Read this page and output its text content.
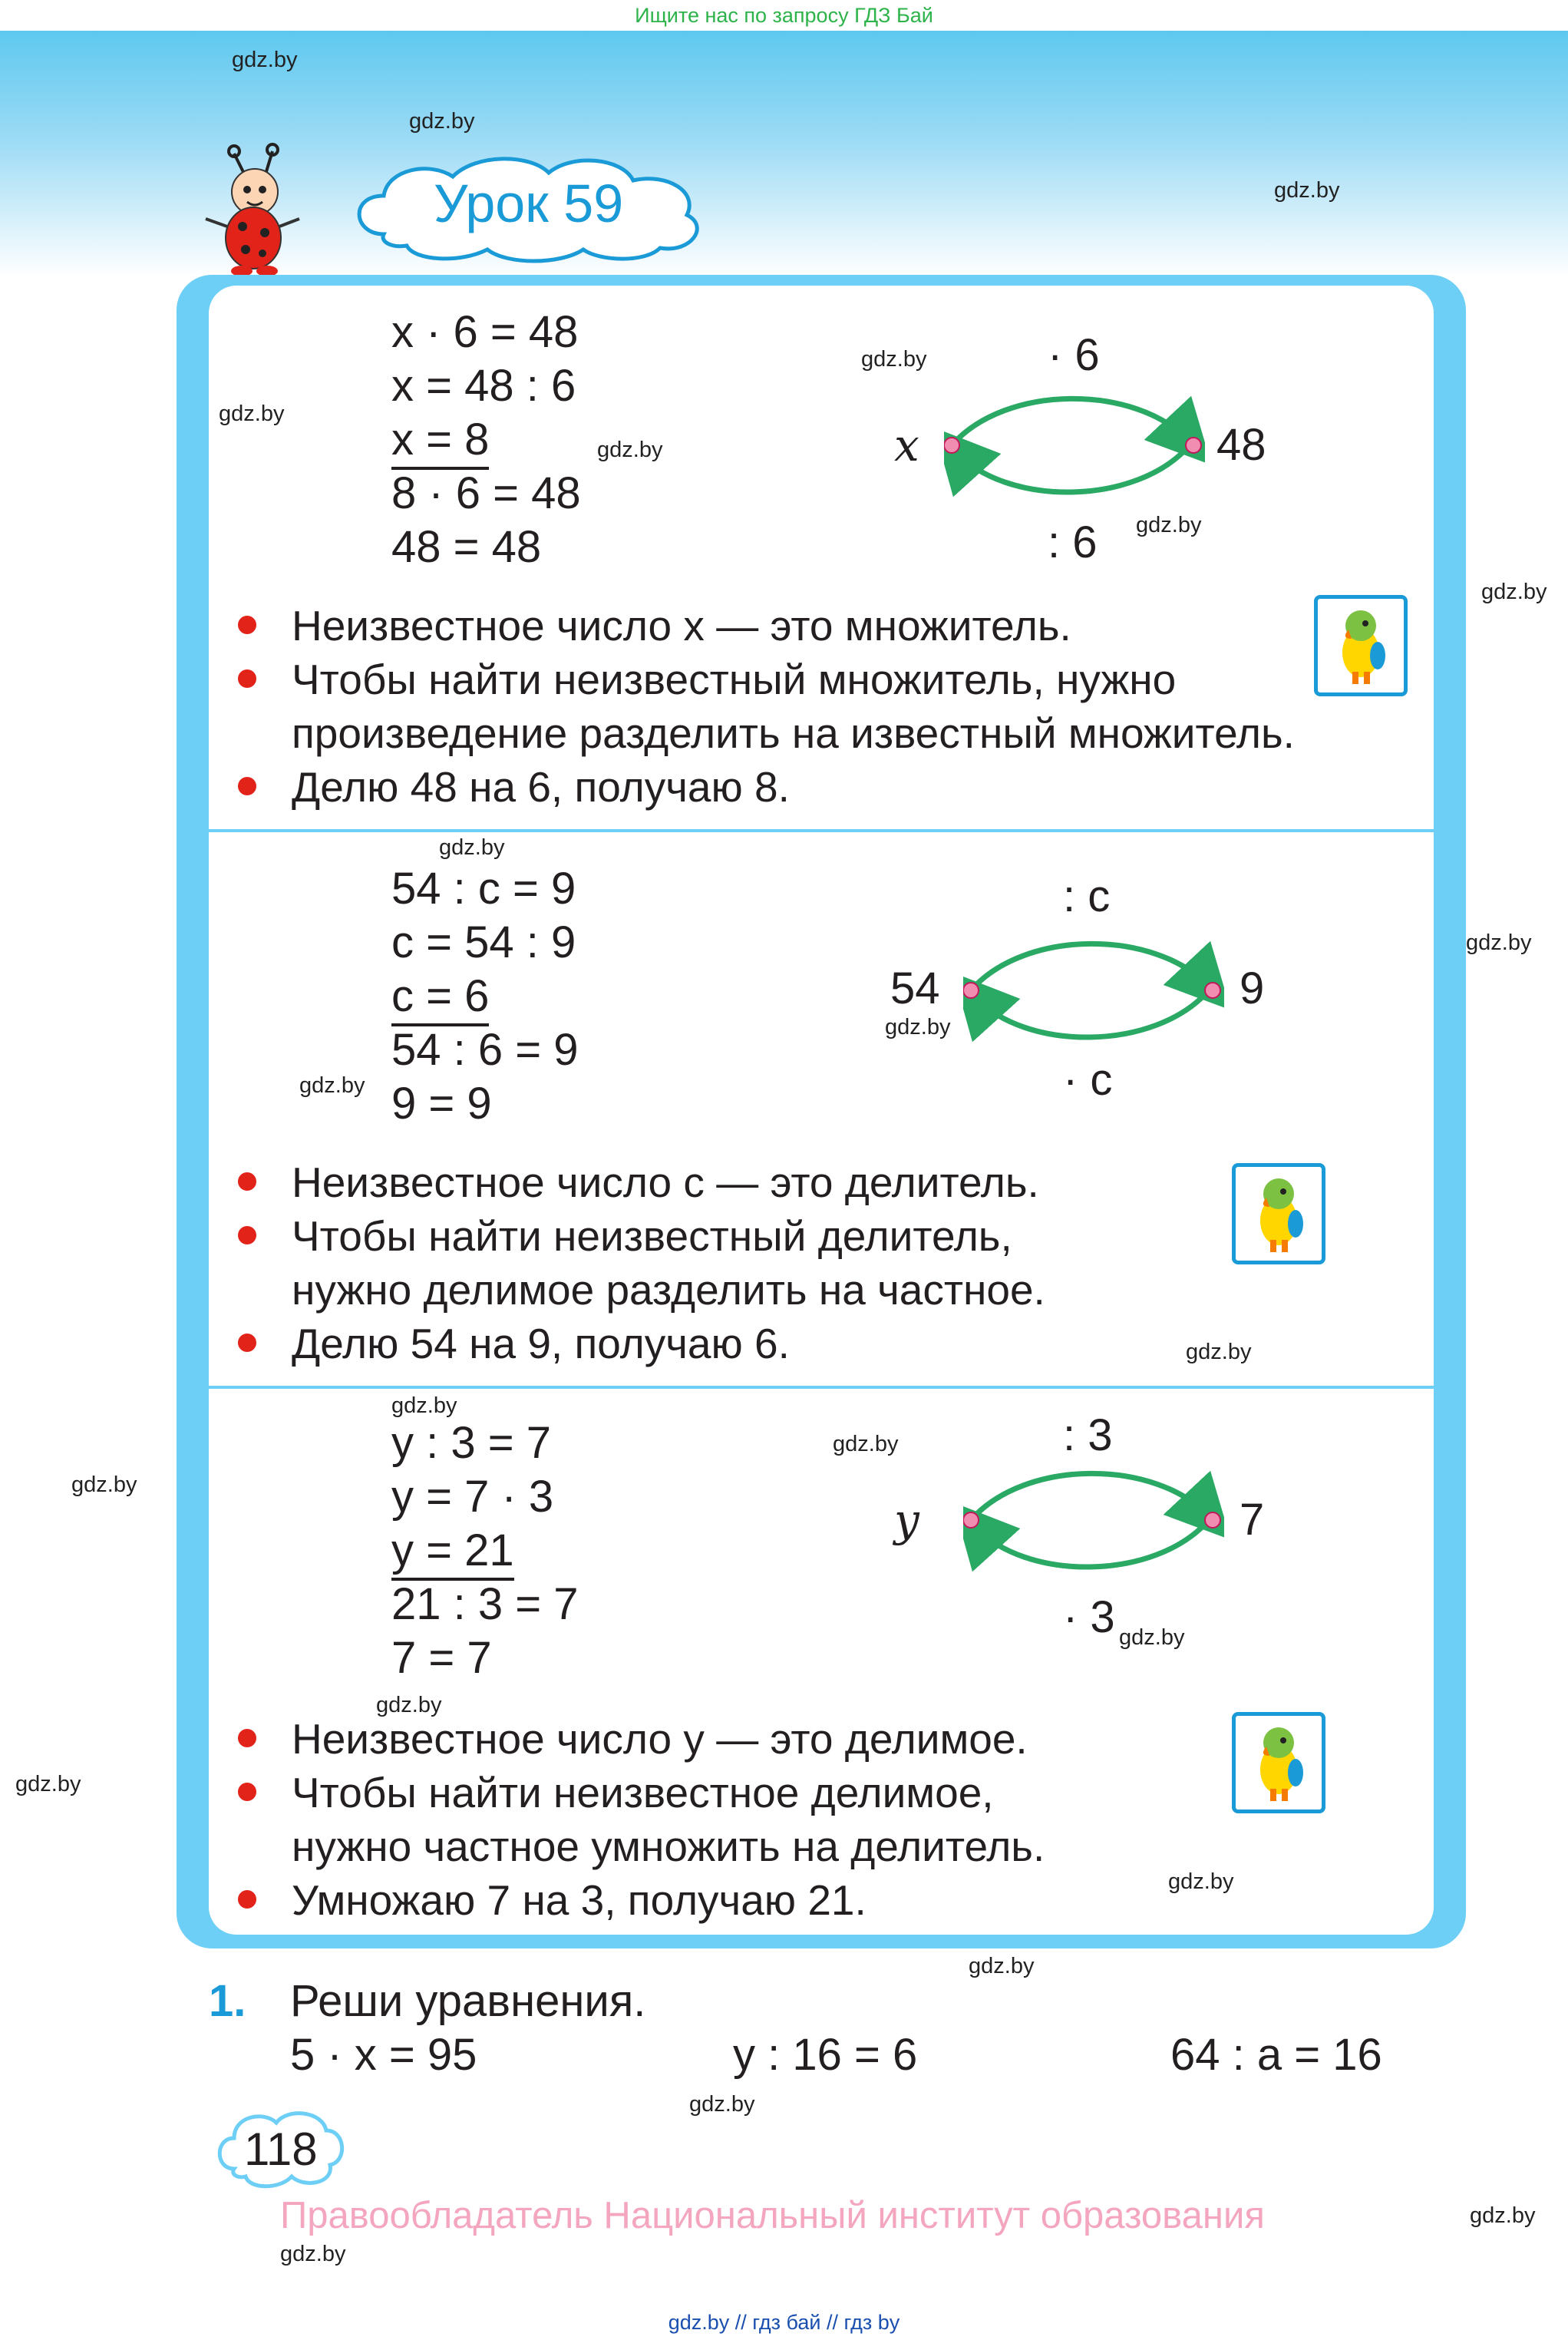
Ищите нас по запросу ГДЗ Бай
Урок 59
x · 6 = 48
x = 48 : 6
x = 8
8 · 6 = 48
48 = 48
x	48
· 6
: 6
Неизвестное число x — это множитель.
Чтобы найти неизвестный множитель, нужно
произведение разделить на известный множитель.
Делю 48 на 6, получаю 8.
54 : c = 9
c = 54 : 9
c = 6
54 : 6 = 9
9 = 9
54	9
: c
· c
Неизвестное число c — это делитель.
Чтобы найти неизвестный делитель,
нужно делимое разделить на частное.
Делю 54 на 9, получаю 6.
y : 3 = 7
y = 7 · 3
y = 21
21 : 3 = 7
7 = 7
y	7
: 3
· 3
Неизвестное число y — это делимое.
Чтобы найти неизвестное делимое,
нужно частное умножить на делитель.
Умножаю 7 на 3, получаю 21.
1. Реши уравнения.
5 · x = 95	y : 16 = 6	64 : a = 16
118
Правообладатель Национальный институт образования
gdz.by // гдз бай // гдз by
gdz.by
gdz.by
gdz.by
gdz.by
gdz.by
gdz.by
gdz.by
gdz.by
gdz.by
gdz.by
gdz.by
gdz.by
gdz.by
gdz.by
gdz.by
gdz.by
gdz.by
gdz.by
gdz.by
gdz.by
gdz.by
gdz.by
gdz.by
gdz.by
